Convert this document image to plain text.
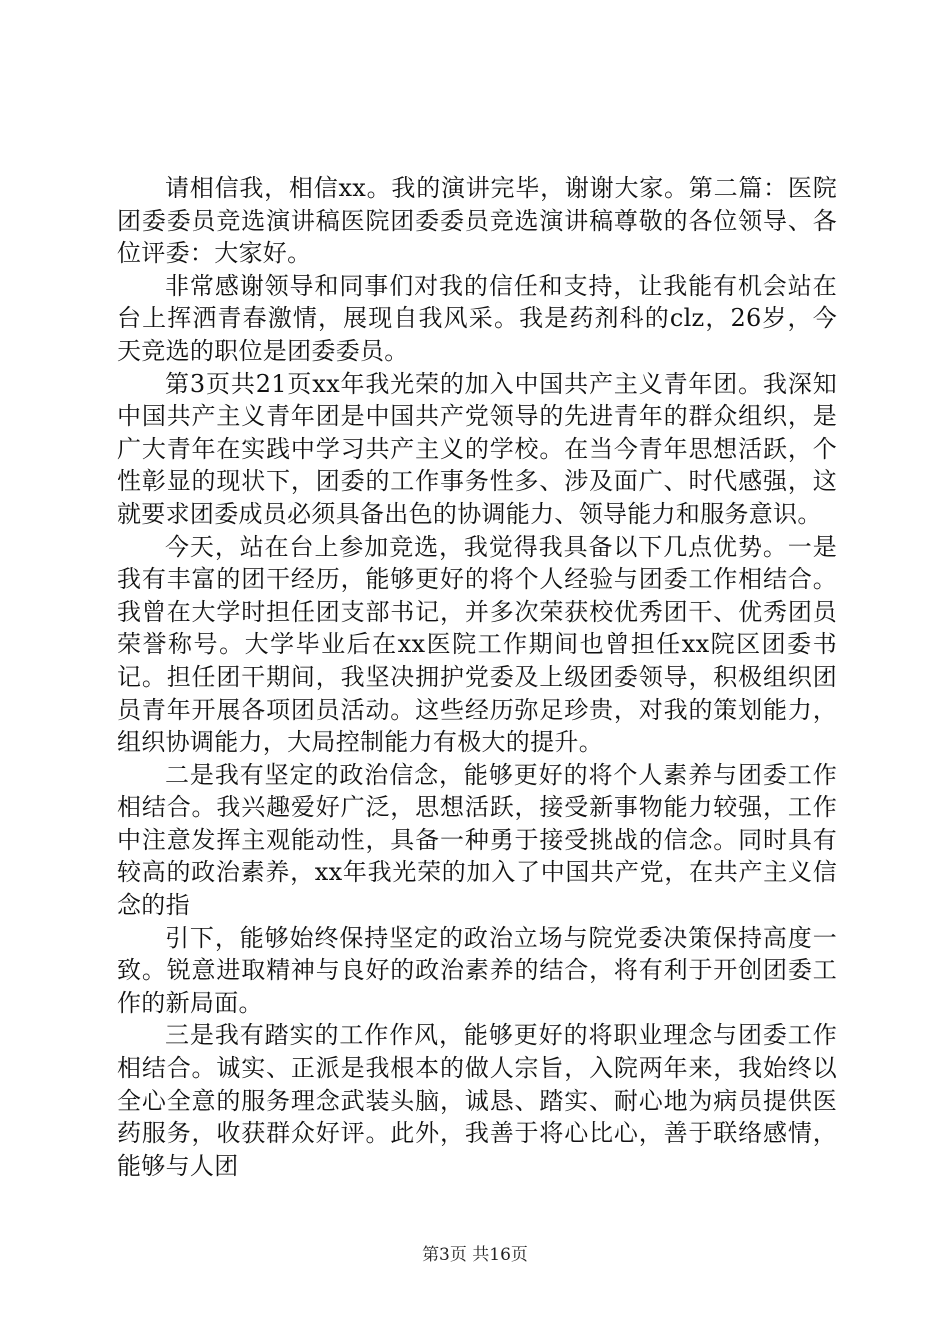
请相信我，相信xx。我的演讲完毕，谢谢大家。第二篇：医院团委委员竞选演讲稿医院团委委员竞选演讲稿尊敬的各位领导、各位评委：大家好。

非常感谢领导和同事们对我的信任和支持，让我能有机会站在台上挥洒青春激情，展现自我风采。我是药剂科的clz，26岁，今天竞选的职位是团委委员。

第3页共21页xx年我光荣的加入中国共产主义青年团。我深知中国共产主义青年团是中国共产党领导的先进青年的群众组织，是广大青年在实践中学习共产主义的学校。在当今青年思想活跃，个性彰显的现状下，团委的工作事务性多、涉及面广、时代感强，这就要求团委成员必须具备出色的协调能力、领导能力和服务意识。

今天，站在台上参加竞选，我觉得我具备以下几点优势。一是我有丰富的团干经历，能够更好的将个人经验与团委工作相结合。我曾在大学时担任团支部书记，并多次荣获校优秀团干、优秀团员荣誉称号。大学毕业后在xx医院工作期间也曾担任xx院区团委书记。担任团干期间，我坚决拥护党委及上级团委领导，积极组织团员青年开展各项团员活动。这些经历弥足珍贵，对我的策划能力，组织协调能力，大局控制能力有极大的提升。

二是我有坚定的政治信念，能够更好的将个人素养与团委工作相结合。我兴趣爱好广泛，思想活跃，接受新事物能力较强，工作中注意发挥主观能动性，具备一种勇于接受挑战的信念。同时具有较高的政治素养，xx年我光荣的加入了中国共产党，在共产主义信念的指

引下，能够始终保持坚定的政治立场与院党委决策保持高度一致。锐意进取精神与良好的政治素养的结合，将有利于开创团委工作的新局面。

三是我有踏实的工作作风，能够更好的将职业理念与团委工作相结合。诚实、正派是我根本的做人宗旨，入院两年来，我始终以全心全意的服务理念武装头脑，诚恳、踏实、耐心地为病员提供医药服务，收获群众好评。此外，我善于将心比心，善于联络感情，能够与人团

第3页 共16页
